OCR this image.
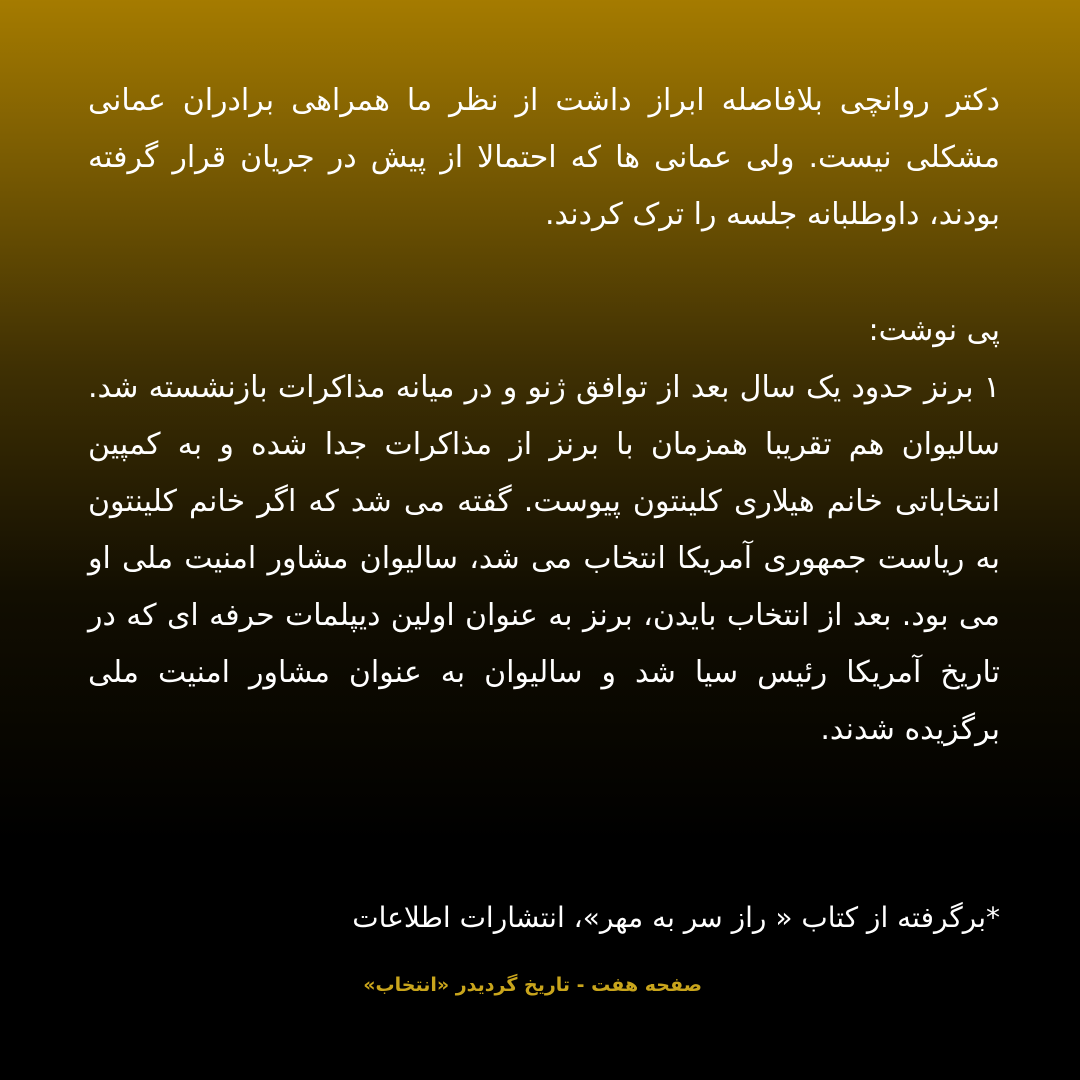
دکتر روانچی بلافاصله ابراز داشت از نظر ما همراهی برادران عمانی مشکلی نیست. ولی عمانی ها که احتمالا از پیش در جریان قرار گرفته بودند، داوطلبانه جلسه را ترک کردند.

پی نوشت:

۱ برنز حدود یک سال بعد از توافق ژنو و در میانه مذاکرات بازنشسته شد. سالیوان هم تقریبا همزمان با برنز از مذاکرات جدا شده و به کمپین انتخاباتی خانم هیلاری کلینتون پیوست. گفته می شد که اگر خانم کلینتون به ریاست جمهوری آمریکا انتخاب می شد، سالیوان مشاور امنیت ملی او می بود. بعد از انتخاب بایدن، برنز به عنوان اولین دیپلمات حرفه ای که در تاریخ آمریکا رئیس سیا شد و سالیوان به عنوان مشاور امنیت ملی برگزیده شدند.

*برگرفته از کتاب « راز سر به مهر»، انتشارات اطلاعات
صفحه هفت - تاریخ گردیدر «انتخاب»
